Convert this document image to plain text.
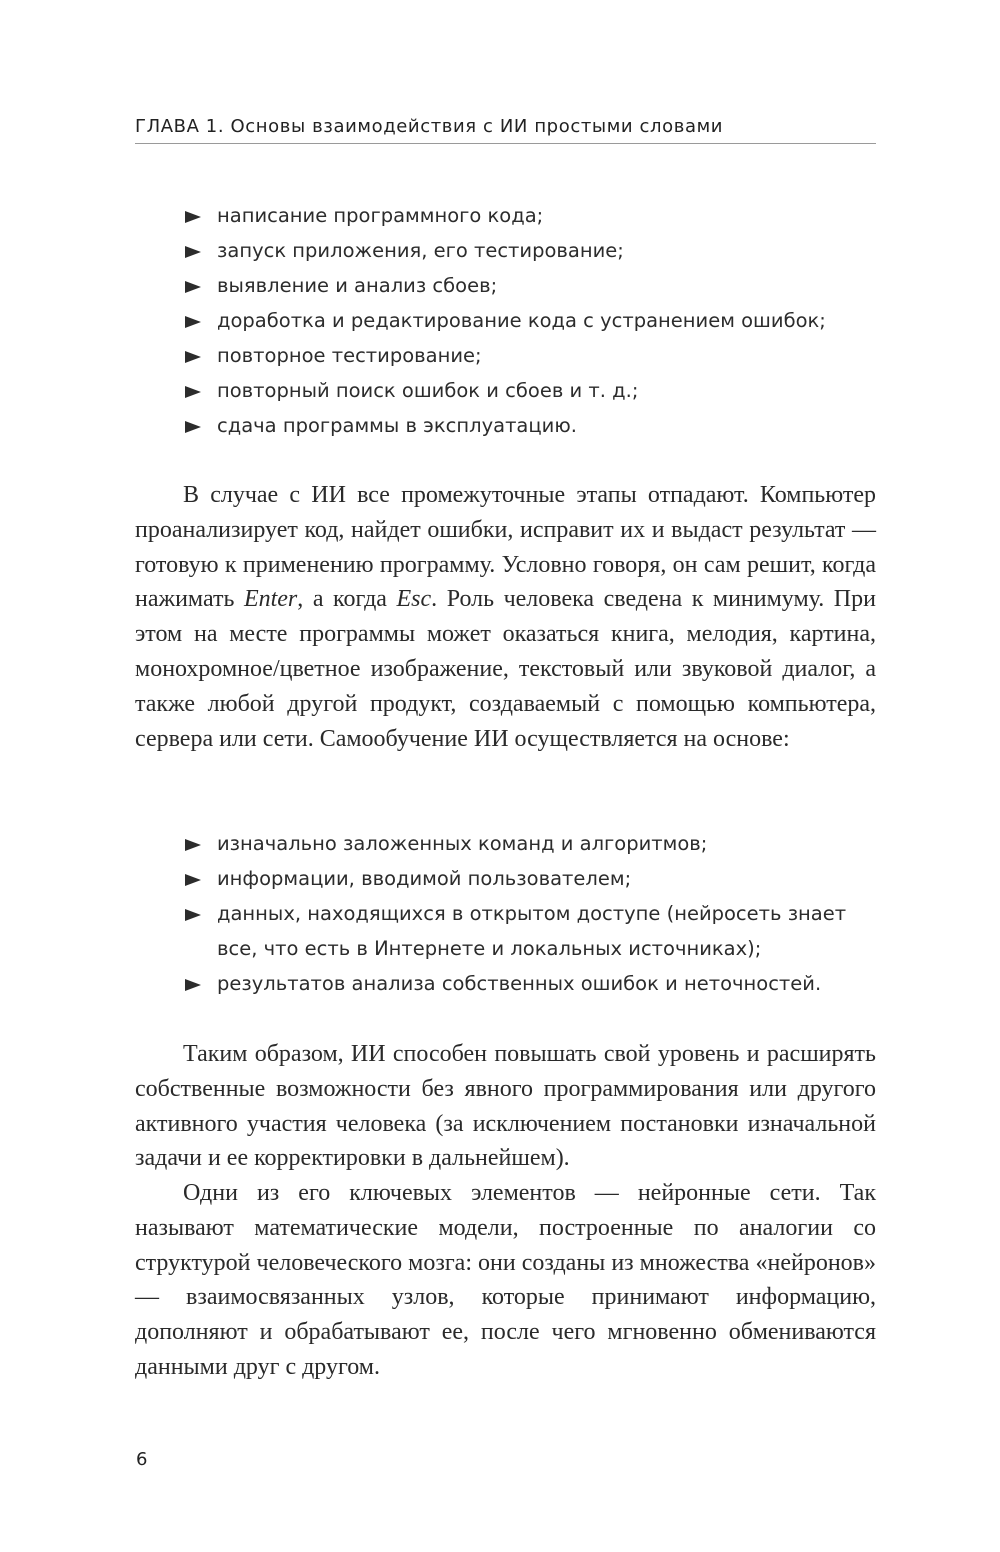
ГЛАВА 1. Основы взаимодействия с ИИ простыми словами
написание программного кода;
запуск приложения, его тестирование;
выявление и анализ сбоев;
доработка и редактирование кода с устранением ошибок;
повторное тестирование;
повторный поиск ошибок и сбоев и т. д.;
сдача программы в эксплуатацию.

В случае с ИИ все промежуточные этапы отпадают. Компьютер проанализирует код, найдет ошибки, исправит их и выдаст результат — готовую к применению программу. Условно говоря, он сам решит, когда нажимать Enter, а когда Esc. Роль человека сведена к минимуму. При этом на месте программы может оказаться книга, мелодия, картина, монохромное/цветное изображение, текстовый или звуковой диалог, а также любой другой продукт, создаваемый с помощью компьютера, сервера или сети. Самообучение ИИ осуществляется на основе:

изначально заложенных команд и алгоритмов;
информации, вводимой пользователем;
данных, находящихся в открытом доступе (нейросеть знает все, что есть в Интернете и локальных источниках);
результатов анализа собственных ошибок и неточностей.

Таким образом, ИИ способен повышать свой уровень и расширять собственные возможности без явного программирования или другого активного участия человека (за исключением постановки изначальной задачи и ее корректировки в дальнейшем).

Одни из его ключевых элементов — нейронные сети. Так называют математические модели, построенные по аналогии со структурой человеческого мозга: они созданы из множества «нейронов» — взаимосвязанных узлов, которые принимают информацию, дополняют и обрабатывают ее, после чего мгновенно обмениваются данными друг с другом.

6
